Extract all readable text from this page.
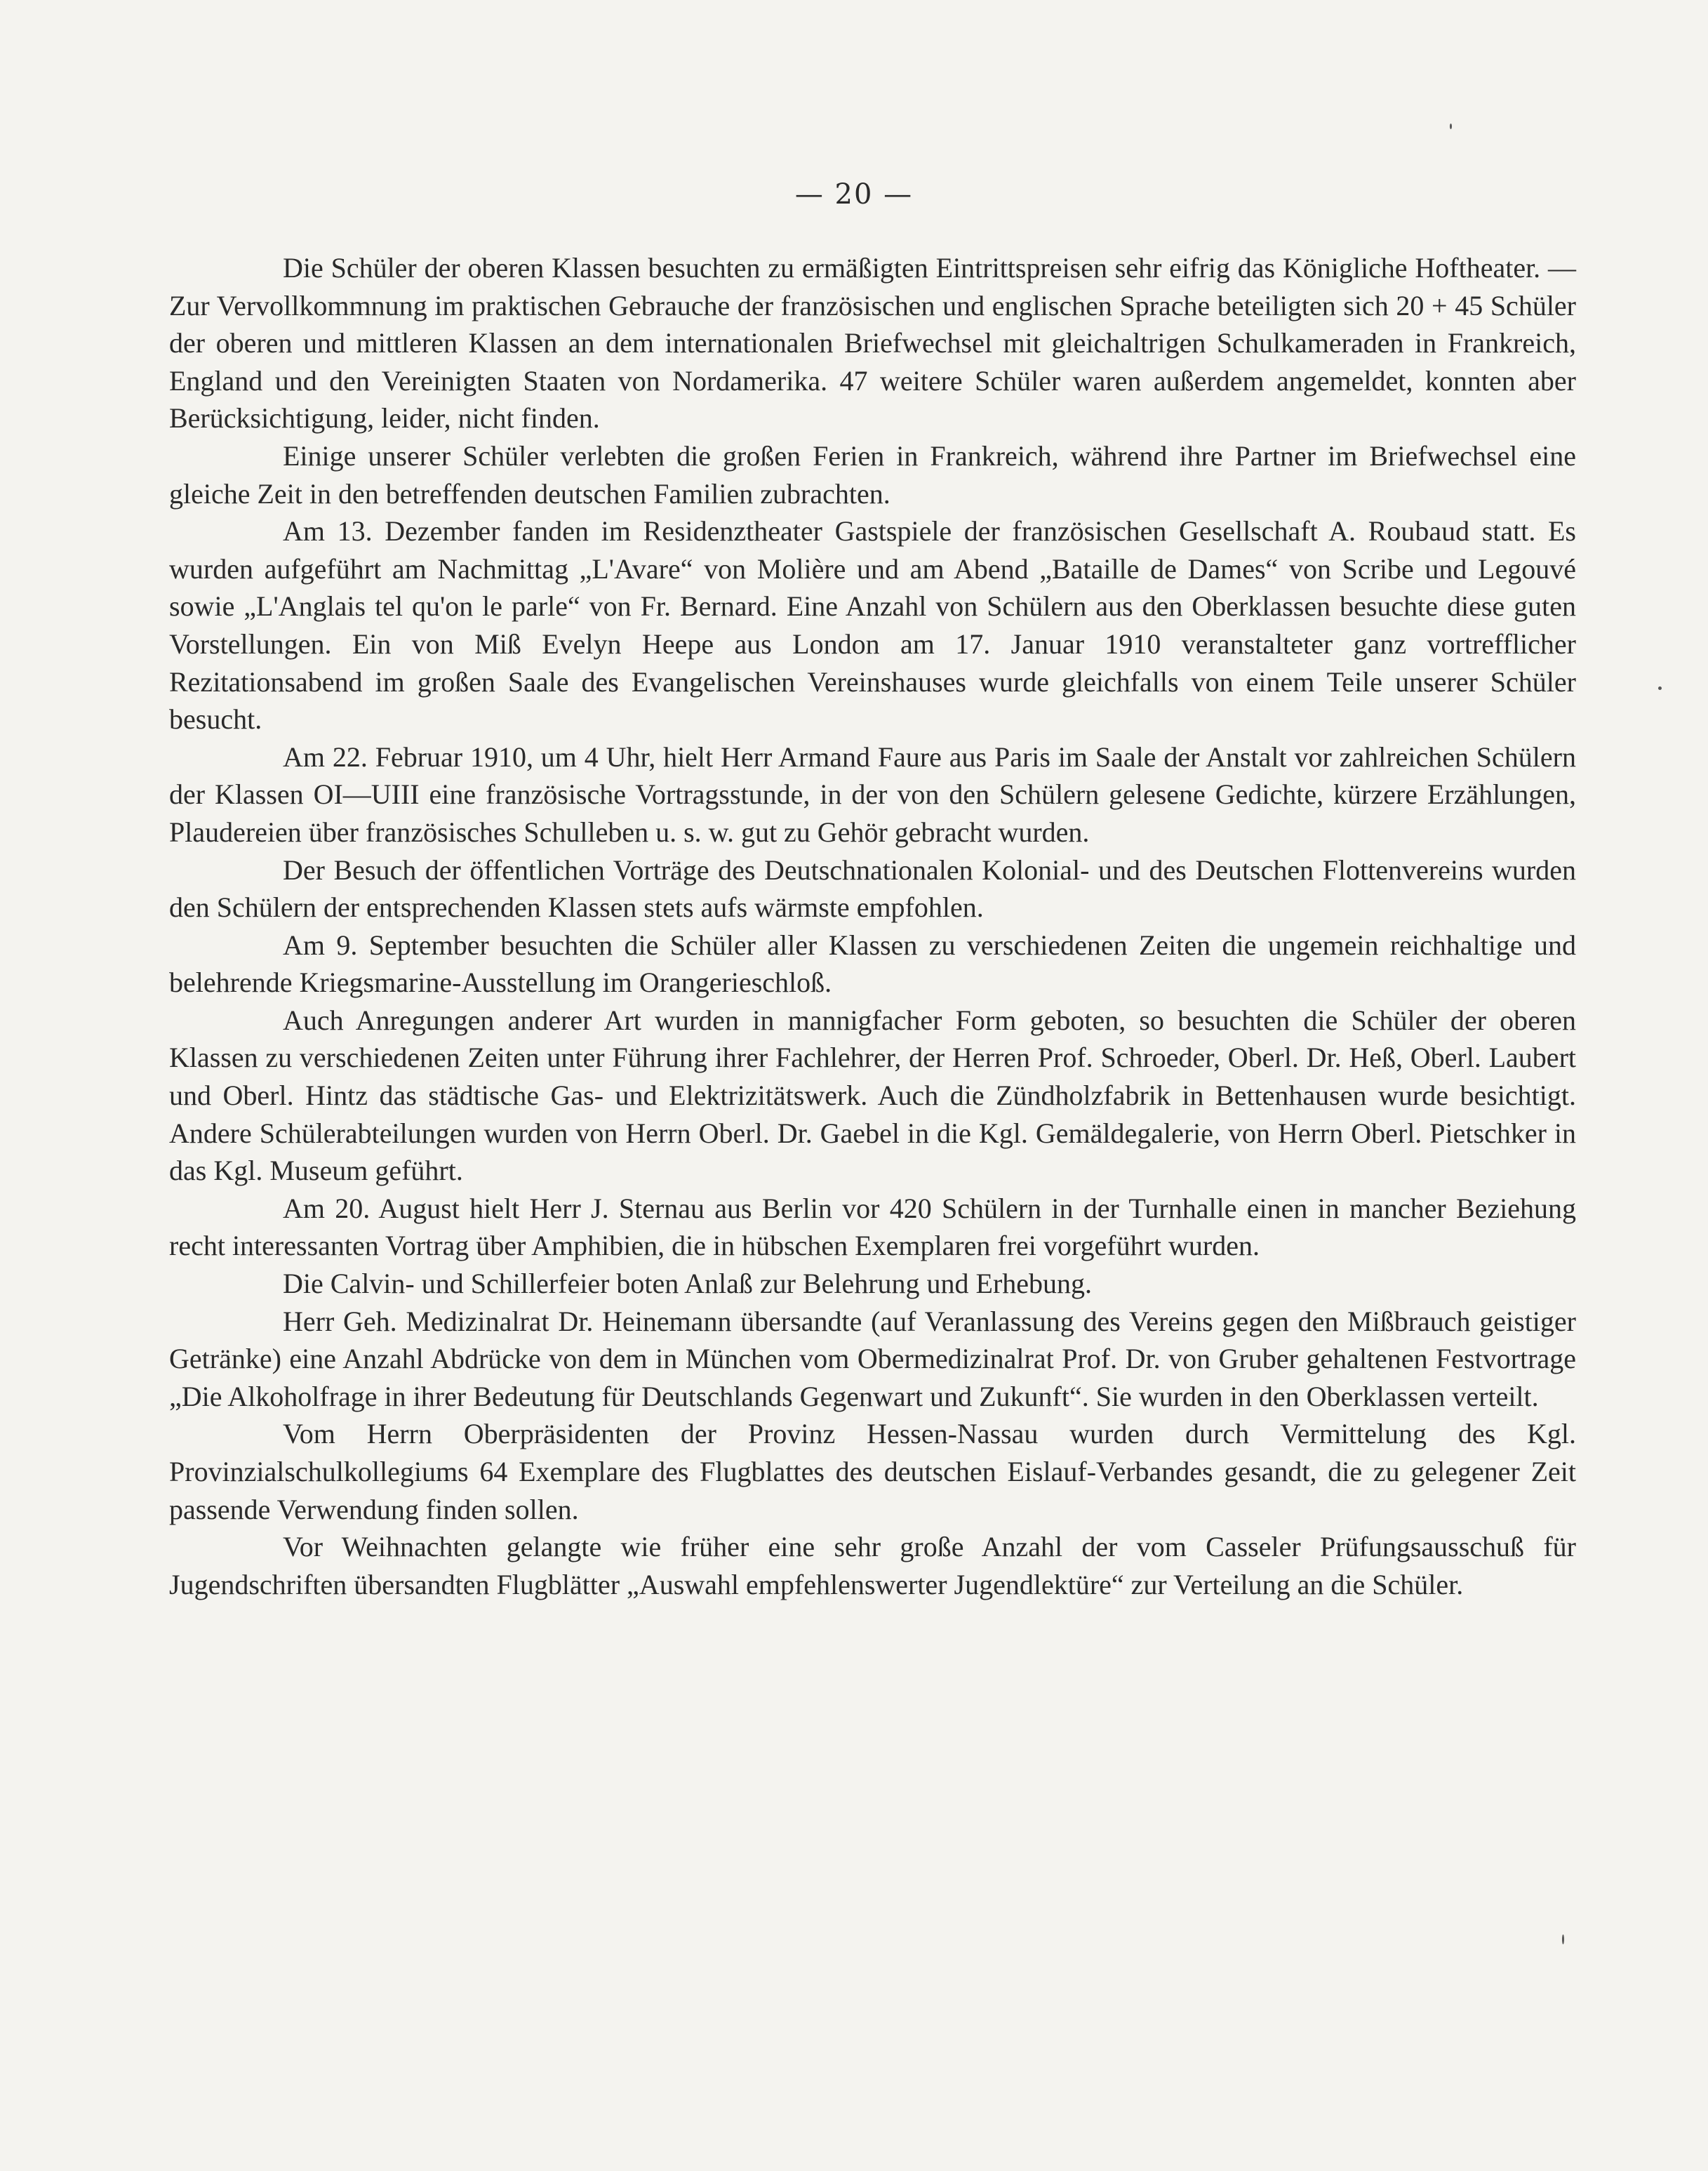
— 20 —

Die Schüler der oberen Klassen besuchten zu ermäßigten Eintrittspreisen sehr eifrig das Königliche Hoftheater. — Zur Vervollkommnung im praktischen Gebrauche der französischen und englischen Sprache beteiligten sich 20 + 45 Schüler der oberen und mittleren Klassen an dem internationalen Briefwechsel mit gleichaltrigen Schulkameraden in Frankreich, England und den Vereinigten Staaten von Nordamerika. 47 weitere Schüler waren außerdem angemeldet, konnten aber Berücksichtigung, leider, nicht finden.

Einige unserer Schüler verlebten die großen Ferien in Frankreich, während ihre Partner im Briefwechsel eine gleiche Zeit in den betreffenden deutschen Familien zubrachten.

Am 13. Dezember fanden im Residenztheater Gastspiele der französischen Gesellschaft A. Roubaud statt. Es wurden aufgeführt am Nachmittag „L'Avare“ von Molière und am Abend „Bataille de Dames“ von Scribe und Legouvé sowie „L'Anglais tel qu'on le parle“ von Fr. Bernard. Eine Anzahl von Schülern aus den Oberklassen besuchte diese guten Vorstellungen. Ein von Miß Evelyn Heepe aus London am 17. Januar 1910 veranstalteter ganz vortrefflicher Rezitationsabend im großen Saale des Evangelischen Vereinshauses wurde gleichfalls von einem Teile unserer Schüler besucht.

Am 22. Februar 1910, um 4 Uhr, hielt Herr Armand Faure aus Paris im Saale der Anstalt vor zahlreichen Schülern der Klassen OI—UIII eine französische Vortragsstunde, in der von den Schülern gelesene Gedichte, kürzere Erzählungen, Plaudereien über französisches Schulleben u. s. w. gut zu Gehör gebracht wurden.

Der Besuch der öffentlichen Vorträge des Deutschnationalen Kolonial- und des Deutschen Flottenvereins wurden den Schülern der entsprechenden Klassen stets aufs wärmste empfohlen.

Am 9. September besuchten die Schüler aller Klassen zu verschiedenen Zeiten die ungemein reichhaltige und belehrende Kriegsmarine-Ausstellung im Orangerieschloß.

Auch Anregungen anderer Art wurden in mannigfacher Form geboten, so besuchten die Schüler der oberen Klassen zu verschiedenen Zeiten unter Führung ihrer Fachlehrer, der Herren Prof. Schroeder, Oberl. Dr. Heß, Oberl. Laubert und Oberl. Hintz das städtische Gas- und Elektrizitätswerk. Auch die Zündholzfabrik in Bettenhausen wurde besichtigt. Andere Schülerabteilungen wurden von Herrn Oberl. Dr. Gaebel in die Kgl. Gemäldegalerie, von Herrn Oberl. Pietschker in das Kgl. Museum geführt.

Am 20. August hielt Herr J. Sternau aus Berlin vor 420 Schülern in der Turnhalle einen in mancher Beziehung recht interessanten Vortrag über Amphibien, die in hübschen Exemplaren frei vorgeführt wurden.

Die Calvin- und Schillerfeier boten Anlaß zur Belehrung und Erhebung.

Herr Geh. Medizinalrat Dr. Heinemann übersandte (auf Veranlassung des Vereins gegen den Mißbrauch geistiger Getränke) eine Anzahl Abdrücke von dem in München vom Obermedizinalrat Prof. Dr. von Gruber gehaltenen Festvortrage „Die Alkoholfrage in ihrer Bedeutung für Deutschlands Gegenwart und Zukunft“. Sie wurden in den Oberklassen verteilt.

Vom Herrn Oberpräsidenten der Provinz Hessen-Nassau wurden durch Vermittelung des Kgl. Provinzialschulkollegiums 64 Exemplare des Flugblattes des deutschen Eislauf-Verbandes gesandt, die zu gelegener Zeit passende Verwendung finden sollen.

Vor Weihnachten gelangte wie früher eine sehr große Anzahl der vom Casseler Prüfungsausschuß für Jugendschriften übersandten Flugblätter „Auswahl empfehlenswerter Jugendlektüre“ zur Verteilung an die Schüler.
